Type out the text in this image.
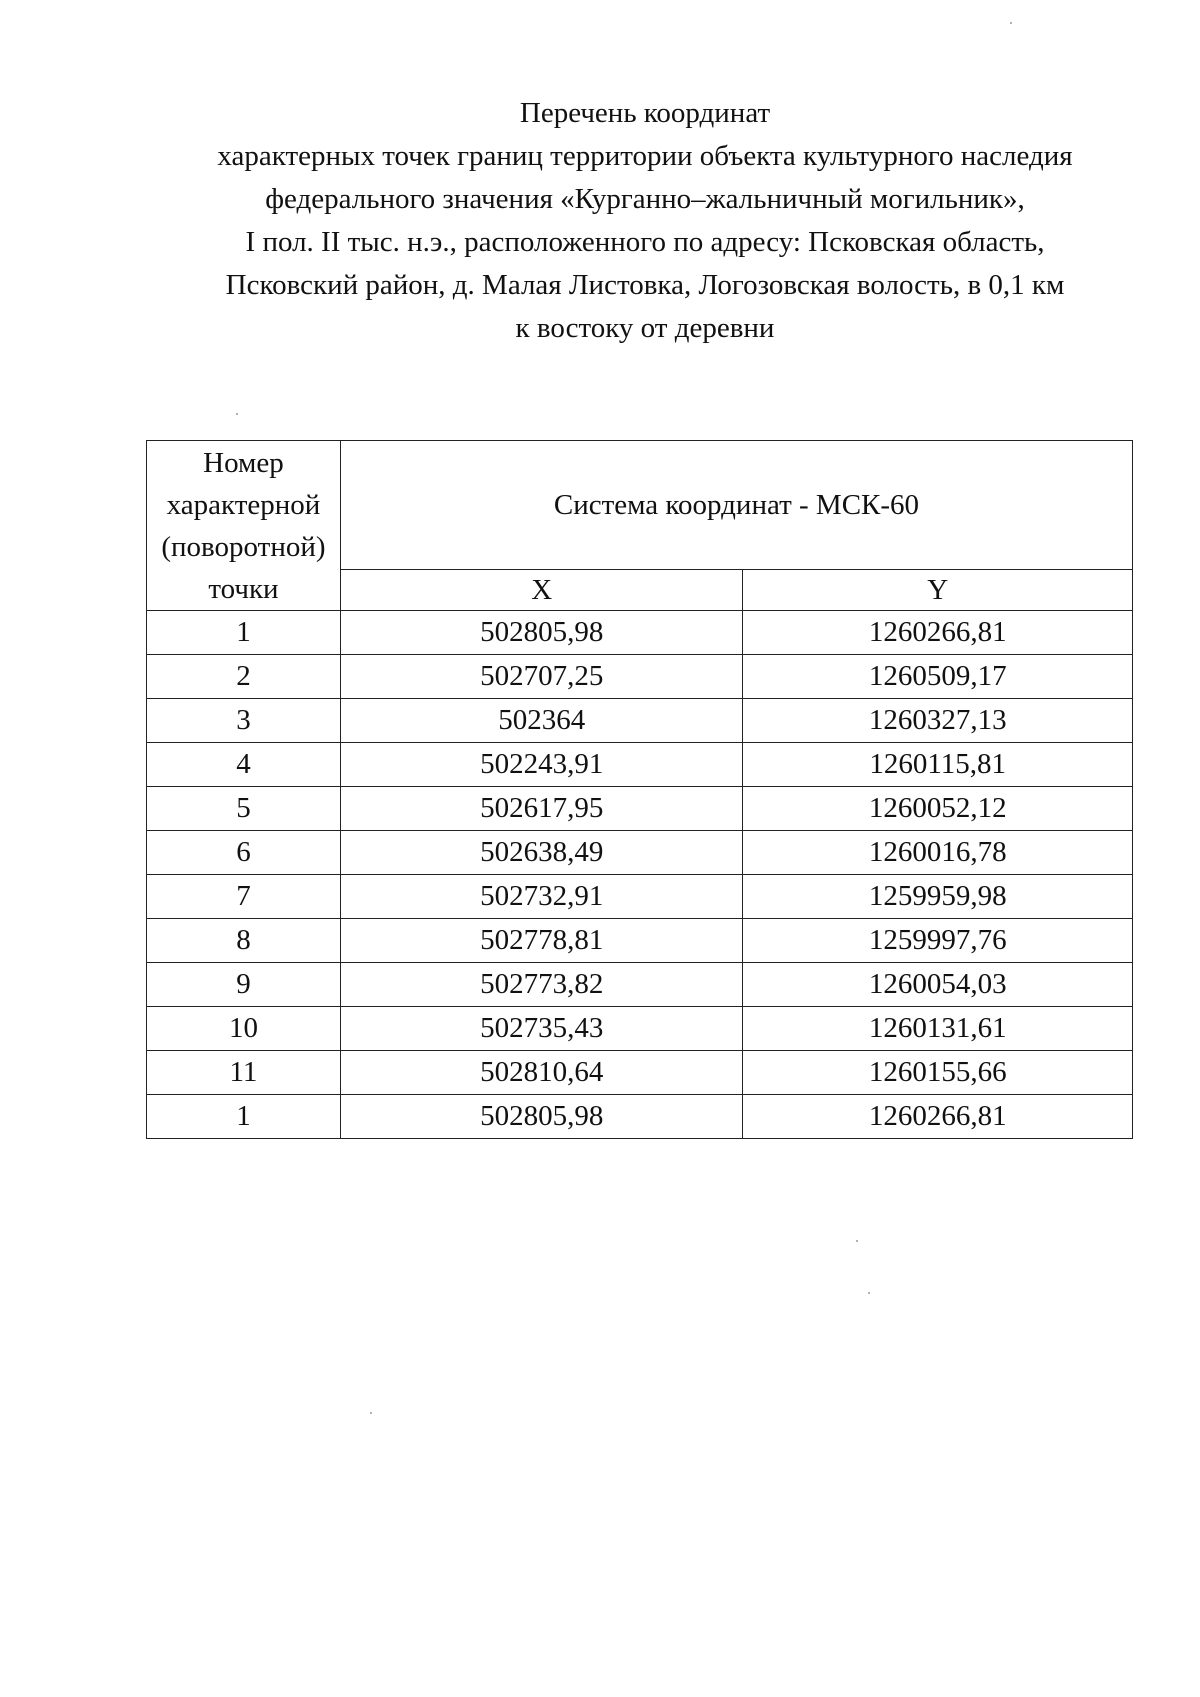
Перечень координат
характерных точек границ территории объекта культурного наследия
федерального значения «Курганно–жальничный могильник»,
I пол. II тыс. н.э., расположенного по адресу: Псковская область,
Псковский район, д. Малая Листовка, Логозовская волость, в 0,1 км
к востоку от деревни
Номер
характерной
(поворотной)
точки	Система координат - МСК-60	
	X	Y
1	502805,98	1260266,81
2	502707,25	1260509,17
3	502364	1260327,13
4	502243,91	1260115,81
5	502617,95	1260052,12
6	502638,49	1260016,78
7	502732,91	1259959,98
8	502778,81	1259997,76
9	502773,82	1260054,03
10	502735,43	1260131,61
11	502810,64	1260155,66
1	502805,98	1260266,81
